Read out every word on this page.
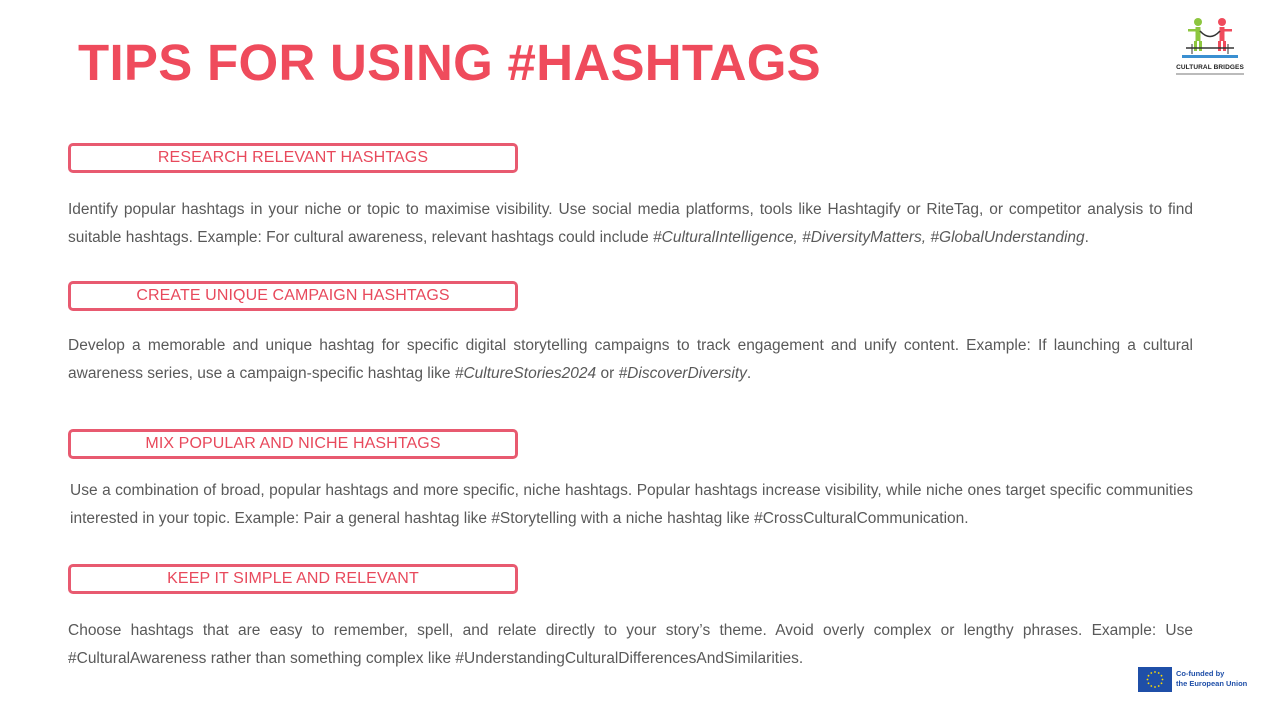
TIPS FOR USING #HASHTAGS	CULTURAL BRIDGES
RESEARCH RELEVANT HASHTAGS

Identify popular hashtags in your niche or topic to maximise visibility. Use social media platforms, tools like Hashtagify or RiteTag, or competitor analysis to find suitable hashtags. Example: For cultural awareness, relevant hashtags could include #CulturalIntelligence, #DiversityMatters, #GlobalUnderstanding.

CREATE UNIQUE CAMPAIGN HASHTAGS

Develop a memorable and unique hashtag for specific digital storytelling campaigns to track engagement and unify content. Example: If launching a cultural awareness series, use a campaign-specific hashtag like #CultureStories2024 or #DiscoverDiversity.

MIX POPULAR AND NICHE HASHTAGS

Use a combination of broad, popular hashtags and more specific, niche hashtags. Popular hashtags increase visibility, while niche ones target specific communities interested in your topic. Example: Pair a general hashtag like #Storytelling with a niche hashtag like #CrossCulturalCommunication.

KEEP IT SIMPLE AND RELEVANT

Choose hashtags that are easy to remember, spell, and relate directly to your story’s theme. Avoid overly complex or lengthy phrases. Example: Use #CulturalAwareness rather than something complex like #UnderstandingCulturalDifferencesAndSimilarities.

Co-funded by
the European Union
